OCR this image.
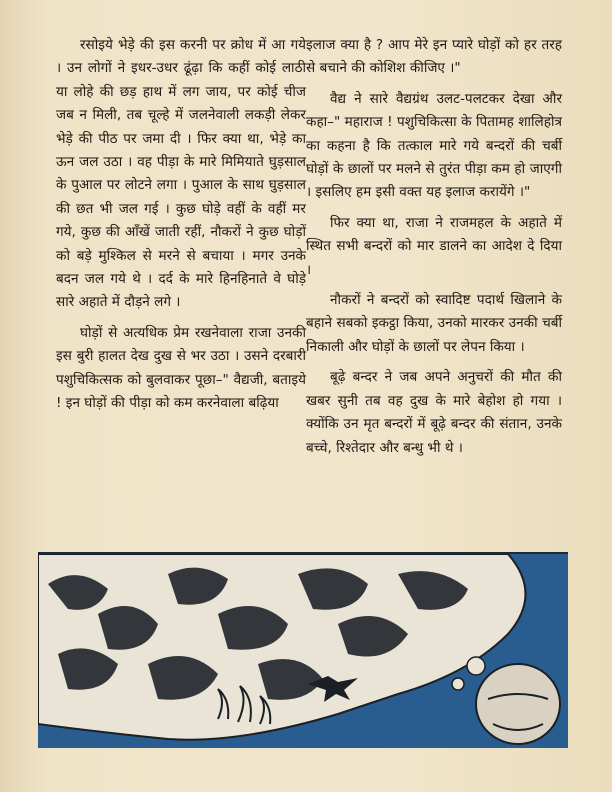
रसोइये भेड़े की इस करनी पर क्रोध में आ गये । उन लोगों ने इधर-उधर ढूंढ़ा कि कहीं कोई लाठी या लोहे की छड़ हाथ में लग जाय, पर कोई चीज जब न मिली, तब चूल्हे में जलनेवाली लकड़ी लेकर भेड़े की पीठ पर जमा दी । फिर क्या था, भेड़े का ऊन जल उठा । वह पीड़ा के मारे मिमियाते घुड़साल के पुआल पर लोटने लगा । पुआल के साथ घुड़साल की छत भी जल गई । कुछ घोड़े वहीं के वहीं मर गये, कुछ की आँखें जाती रहीं, नौकरों ने कुछ घोड़ों को बड़े मुश्किल से मरने से बचाया । मगर उनके बदन जल गये थे । दर्द के मारे हिनहिनाते वे घोड़े सारे अहाते में दौड़ने लगे ।

घोड़ों से अत्यधिक प्रेम रखनेवाला राजा उनकी इस बुरी हालत देख दुख से भर उठा । उसने दरबारी पशुचिकित्सक को बुलवाकर पूछा–" वैद्यजी, बताइये ! इन घोड़ों की पीड़ा को कम करनेवाला बढ़िया

इलाज क्या है ? आप मेरे इन प्यारे घोड़ों को हर तरह से बचाने की कोशिश कीजिए ।"

वैद्य ने सारे वैद्यग्रंथ उलट-पलटकर देखा और कहा–" महाराज ! पशुचिकित्सा के पितामह शालिहोत्र का कहना है कि तत्काल मारे गये बन्दरों की चर्बी घोड़ों के छालों पर मलने से तुरंत पीड़ा कम हो जाएगी । इसलिए हम इसी वक्त यह इलाज करायेंगे ।"

फिर क्या था, राजा ने राजमहल के अहाते में स्थित सभी बन्दरों को मार डालने का आदेश दे दिया ।

नौकरों ने बन्दरों को स्वादिष्ट पदार्थ खिलाने के बहाने सबको इकट्ठा किया, उनको मारकर उनकी चर्बी निकाली और घोड़ों के छालों पर लेपन किया ।

बूढ़े बन्दर ने जब अपने अनुचरों की मौत की खबर सुनी तब वह दुख के मारे बेहोश हो गया । क्योंकि उन मृत बन्दरों में बूढ़े बन्दर की संतान, उनके बच्चे, रिश्तेदार और बन्धु भी थे ।
